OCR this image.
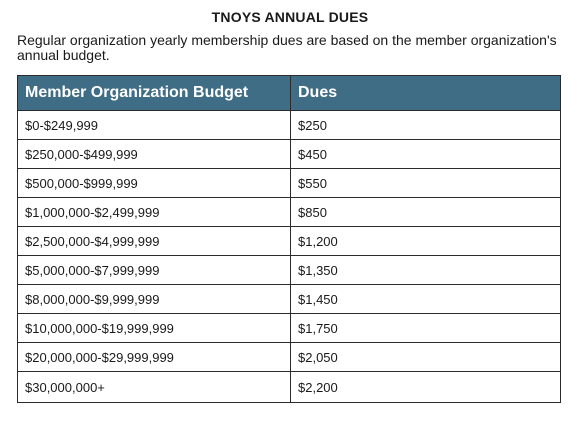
TNOYS ANNUAL DUES
Regular organization yearly membership dues are based on the member organization's annual budget.
Member Organization Budget	Dues
$0-$249,999	$250
$250,000-$499,999	$450
$500,000-$999,999	$550
$1,000,000-$2,499,999	$850
$2,500,000-$4,999,999	$1,200
$5,000,000-$7,999,999	$1,350
$8,000,000-$9,999,999	$1,450
$10,000,000-$19,999,999	$1,750
$20,000,000-$29,999,999	$2,050
$30,000,000+	$2,200
